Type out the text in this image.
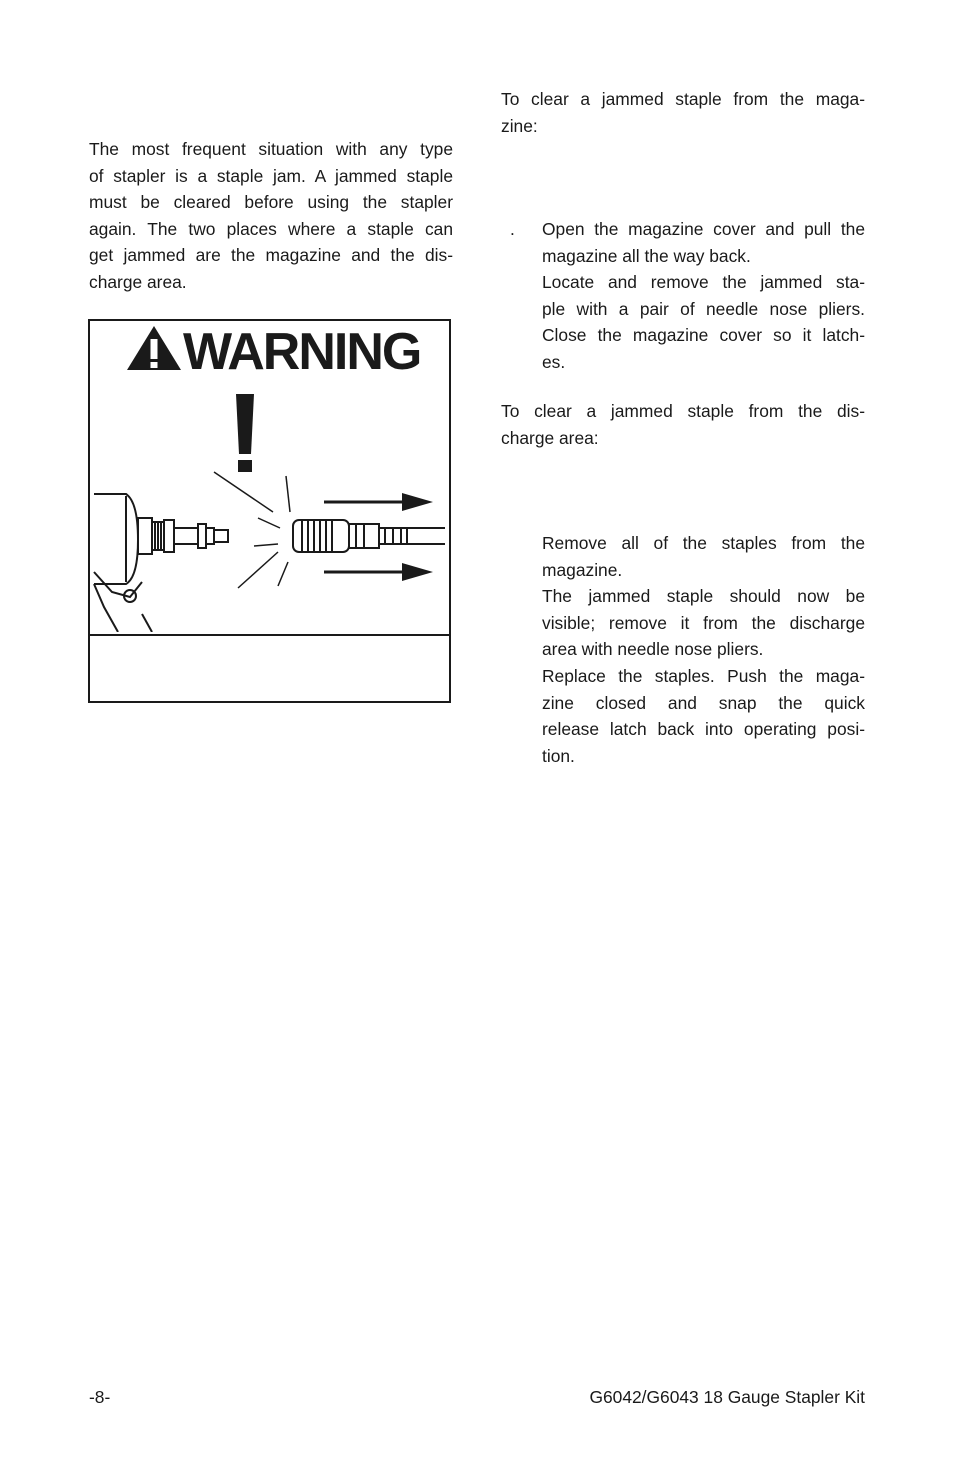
The most frequent situation with any type
of stapler is a staple jam. A jammed staple
must be cleared before using the stapler
again. The two places where a staple can
get jammed are the magazine and the dis-
charge area.

WARNING

To clear a jammed staple from the maga-
zine:

. Open the magazine cover and pull the
magazine all the way back.
Locate and remove the jammed sta-
ple with a pair of needle nose pliers.
Close the magazine cover so it latch-
es.

To clear a jammed staple from the dis-
charge area:

Remove all of the staples from the
magazine.
The jammed staple should now be
visible; remove it from the discharge
area with needle nose pliers.
Replace the staples. Push the maga-
zine closed and snap the quick
release latch back into operating posi-
tion.

-8-	G6042/G6043 18 Gauge Stapler Kit
